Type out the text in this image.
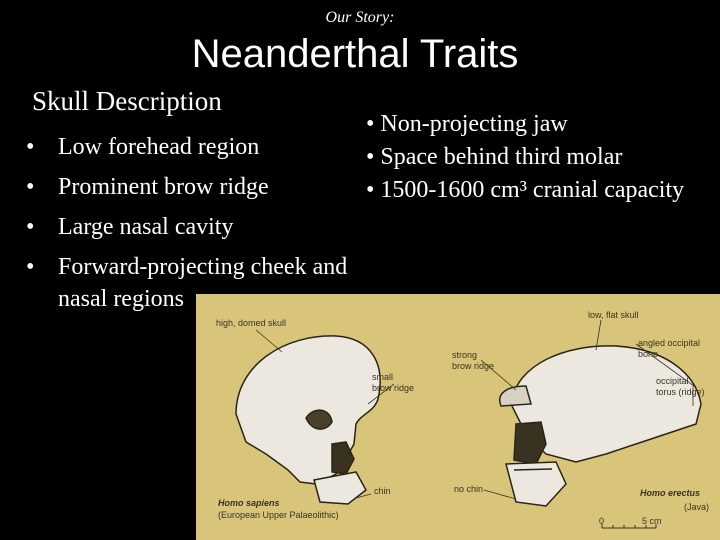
Our Story:
Neanderthal Traits
Skull Description
• Low forehead region
• Prominent brow ridge
• Large nasal cavity
• Forward-projecting cheek and nasal regions
• Non-projecting jaw
• Space behind third molar
• 1500-1600 cm³ cranial capacity
high, domed skull
low, flat skull
angled occipital
bone
strong
brow ridge
small
brow ridge
occipital
torus (ridge)
chin	no chin
Homo sapiens
(European Upper Palaeolithic)
Homo erectus
(Java)
0	5 cm
